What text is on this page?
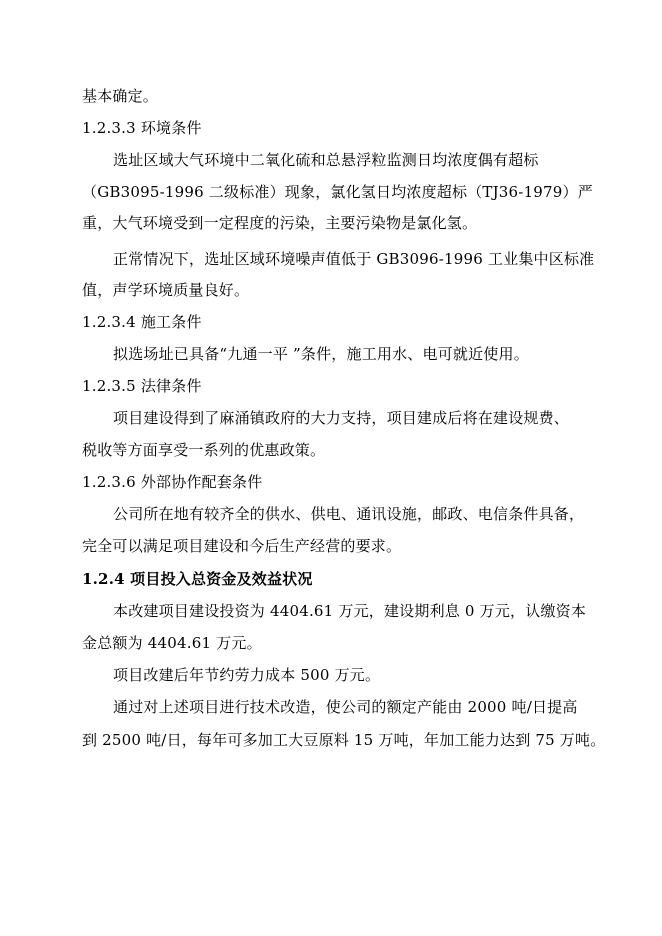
基本确定。
1.2.3.3 环境条件
选址区域大气环境中二氧化硫和总悬浮粒监测日均浓度偶有超标
（GB3095-1996 二级标准）现象，氯化氢日均浓度超标（TJ36-1979）严
重，大气环境受到一定程度的污染，主要污染物是氯化氢。
正常情况下，选址区域环境噪声值低于 GB3096-1996 工业集中区标准
值，声学环境质量良好。
1.2.3.4 施工条件
拟选场址已具备“九通一平 ”条件，施工用水、电可就近使用。
1.2.3.5 法律条件
项目建设得到了麻涌镇政府的大力支持，项目建成后将在建设规费、
税收等方面享受一系列的优惠政策。
1.2.3.6 外部协作配套条件
公司所在地有较齐全的供水、供电、通讯设施，邮政、电信条件具备，
完全可以满足项目建设和今后生产经营的要求。
1.2.4 项目投入总资金及效益状况
本改建项目建设投资为 4404.61 万元，建设期利息 0 万元，认缴资本
金总额为 4404.61 万元。
项目改建后年节约劳力成本 500 万元。
通过对上述项目进行技术改造，使公司的额定产能由 2000 吨/日提高
到 2500 吨/日，每年可多加工大豆原料 15 万吨，年加工能力达到 75 万吨。
